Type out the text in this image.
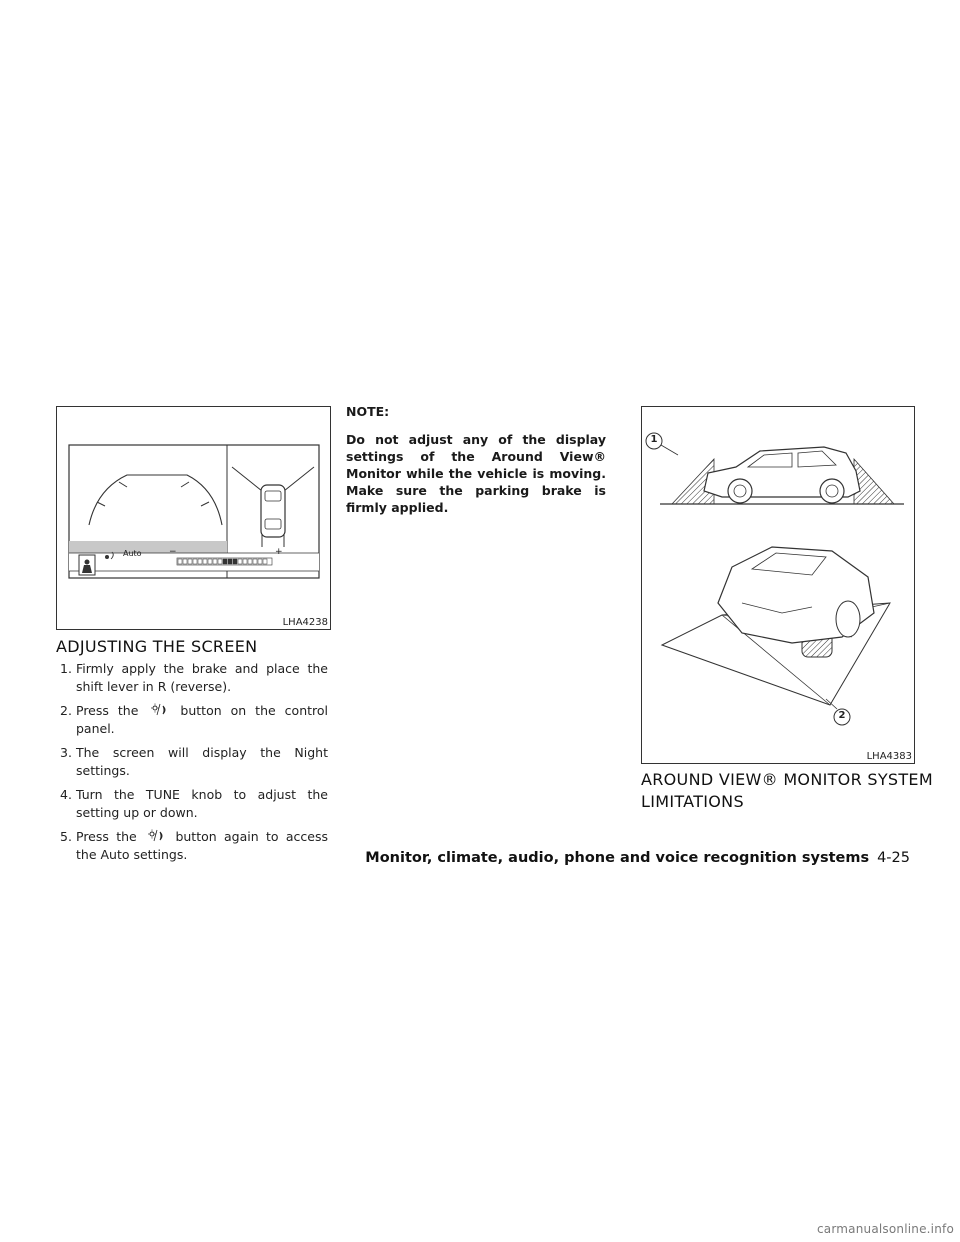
Auto	−	+
LHA4238
ADJUSTING THE SCREEN
1. Firmly apply the brake and place the shift lever in R (reverse).
2. Press the	button on the control panel.
3. The screen will display the Night settings.
4. Turn the TUNE knob to adjust the setting up or down.
5. Press the	button again to access the Auto settings.

NOTE:

Do not adjust any of the display settings of the Around View® Monitor while the vehicle is moving. Make sure the parking brake is firmly applied.

1
2
LHA4383
AROUND VIEW® MONITOR SYSTEM
LIMITATIONS
Monitor, climate, audio, phone and voice recognition systems 4-25
carmanualsonline.info
